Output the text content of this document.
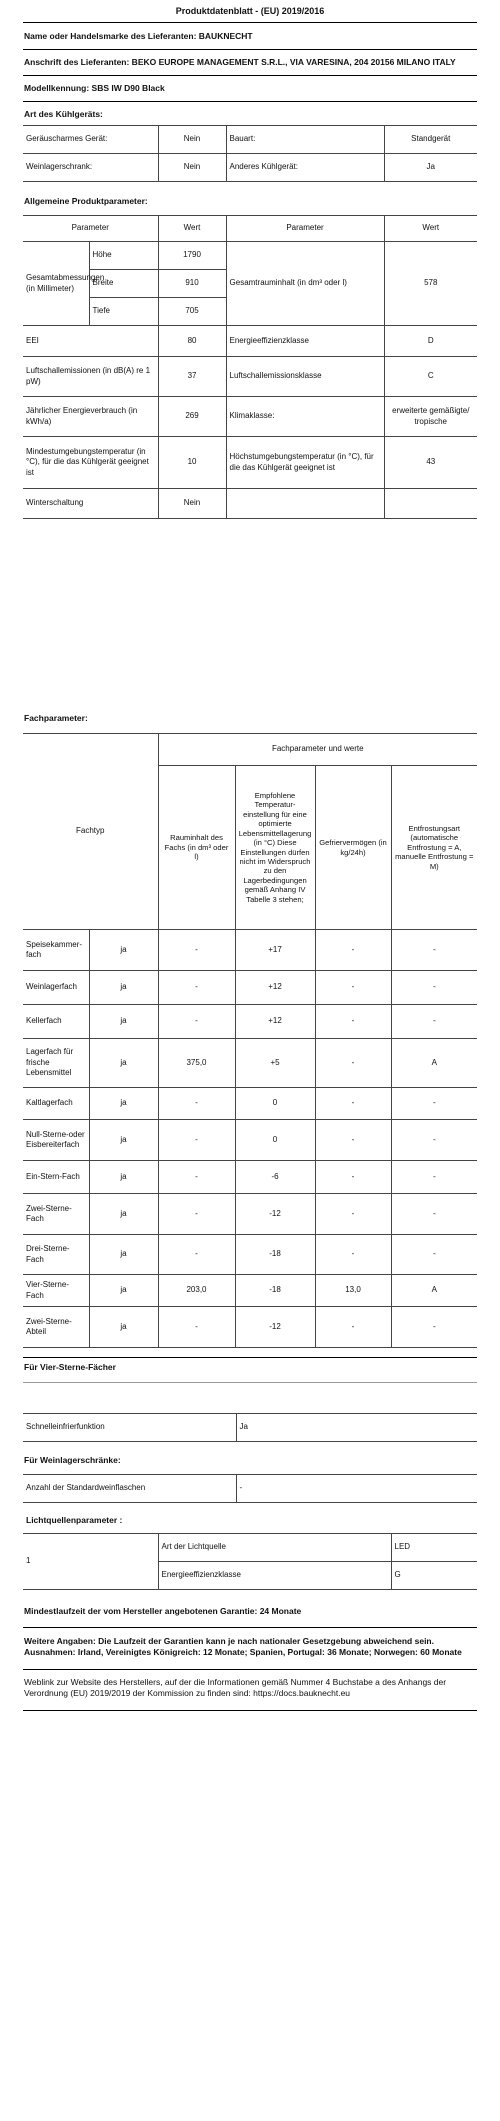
Produktdatenblatt - (EU) 2019/2016
Name oder Handelsmarke des Lieferanten: BAUKNECHT
Anschrift des Lieferanten: BEKO EUROPE MANAGEMENT S.R.L., VIA VARESINA, 204 20156 MILANO ITALY
Modellkennung: SBS IW D90 Black
Art des Kühlgeräts:
Geräuscharmes Gerät:	Nein	Bauart:	Standgerät
Weinlagerschrank:	Nein	Anderes Kühlgerät:	Ja
Allgemeine Produktparameter:
Parameter		Wert	Parameter	Wert
Gesamtabmessungen (in Millimeter)	Höhe	1790	Gesamtrauminhalt (in dm³ oder l)	578
	Breite	910		
	Tiefe	705		
EEI		80	Energieeffizienzklasse	D
Luftschallemissionen (in dB(A) re 1 pW)		37	Luftschallemissionsklasse	C
Jährlicher Energieverbrauch (in kWh/a)		269	Klimaklasse:	erweiterte gemäßigte/ tropische
Mindestumgebungstemperatur (in °C), für die das Kühlgerät geeignet ist		10	Höchstumgebungstemperatur (in °C), für die das Kühlgerät geeignet ist	43
Winterschaltung		Nein		
Fachparameter:
Fachtyp		Fachparameter und werte			
		Rauminhalt des Fachs (in dm³ oder l)	Empfohlene Temperatur-einstellung für eine optimierte Lebensmittellagerung (in °C) Diese Einstellungen dürfen nicht im Widerspruch zu den Lagerbedingungen gemäß Anhang IV Tabelle 3 stehen;	Gefriervermögen (in kg/24h)	Entfrostungsart (automatische Entfrostung = A, manuelle Entfrostung = M)
Speisekammer-fach	ja	-	+17	-	-
Weinlagerfach	ja	-	+12	-	-
Kellerfach	ja	-	+12	-	-
Lagerfach für frische Lebensmittel	ja	375,0	+5	-	A
Kaltlagerfach	ja	-	0	-	-
Null-Sterne-oder Eisbereiterfach	ja	-	0	-	-
Ein-Stern-Fach	ja	-	-6	-	-
Zwei-Sterne-Fach	ja	-	-12	-	-
Drei-Sterne-Fach	ja	-	-18	-	-
Vier-Sterne-Fach	ja	203,0	-18	13,0	A
Zwei-Sterne-Abteil	ja	-	-12	-	-
Für Vier-Sterne-Fächer
Schnelleinfrierfunktion	Ja
Für Weinlagerschränke:
Anzahl der Standardweinflaschen	-
Lichtquellenparameter :
1	Art der Lichtquelle	LED
	Energieeffizienzklasse	G
Mindestlaufzeit der vom Hersteller angebotenen Garantie: 24 Monate
Weitere Angaben: Die Laufzeit der Garantien kann je nach nationaler Gesetzgebung abweichend sein. Ausnahmen: Irland, Vereinigtes Königreich: 12 Monate; Spanien, Portugal: 36 Monate; Norwegen: 60 Monate
Weblink zur Website des Herstellers, auf der die Informationen gemäß Nummer 4 Buchstabe a des Anhangs der Verordnung (EU) 2019/2019 der Kommission zu finden sind: https://docs.bauknecht.eu
